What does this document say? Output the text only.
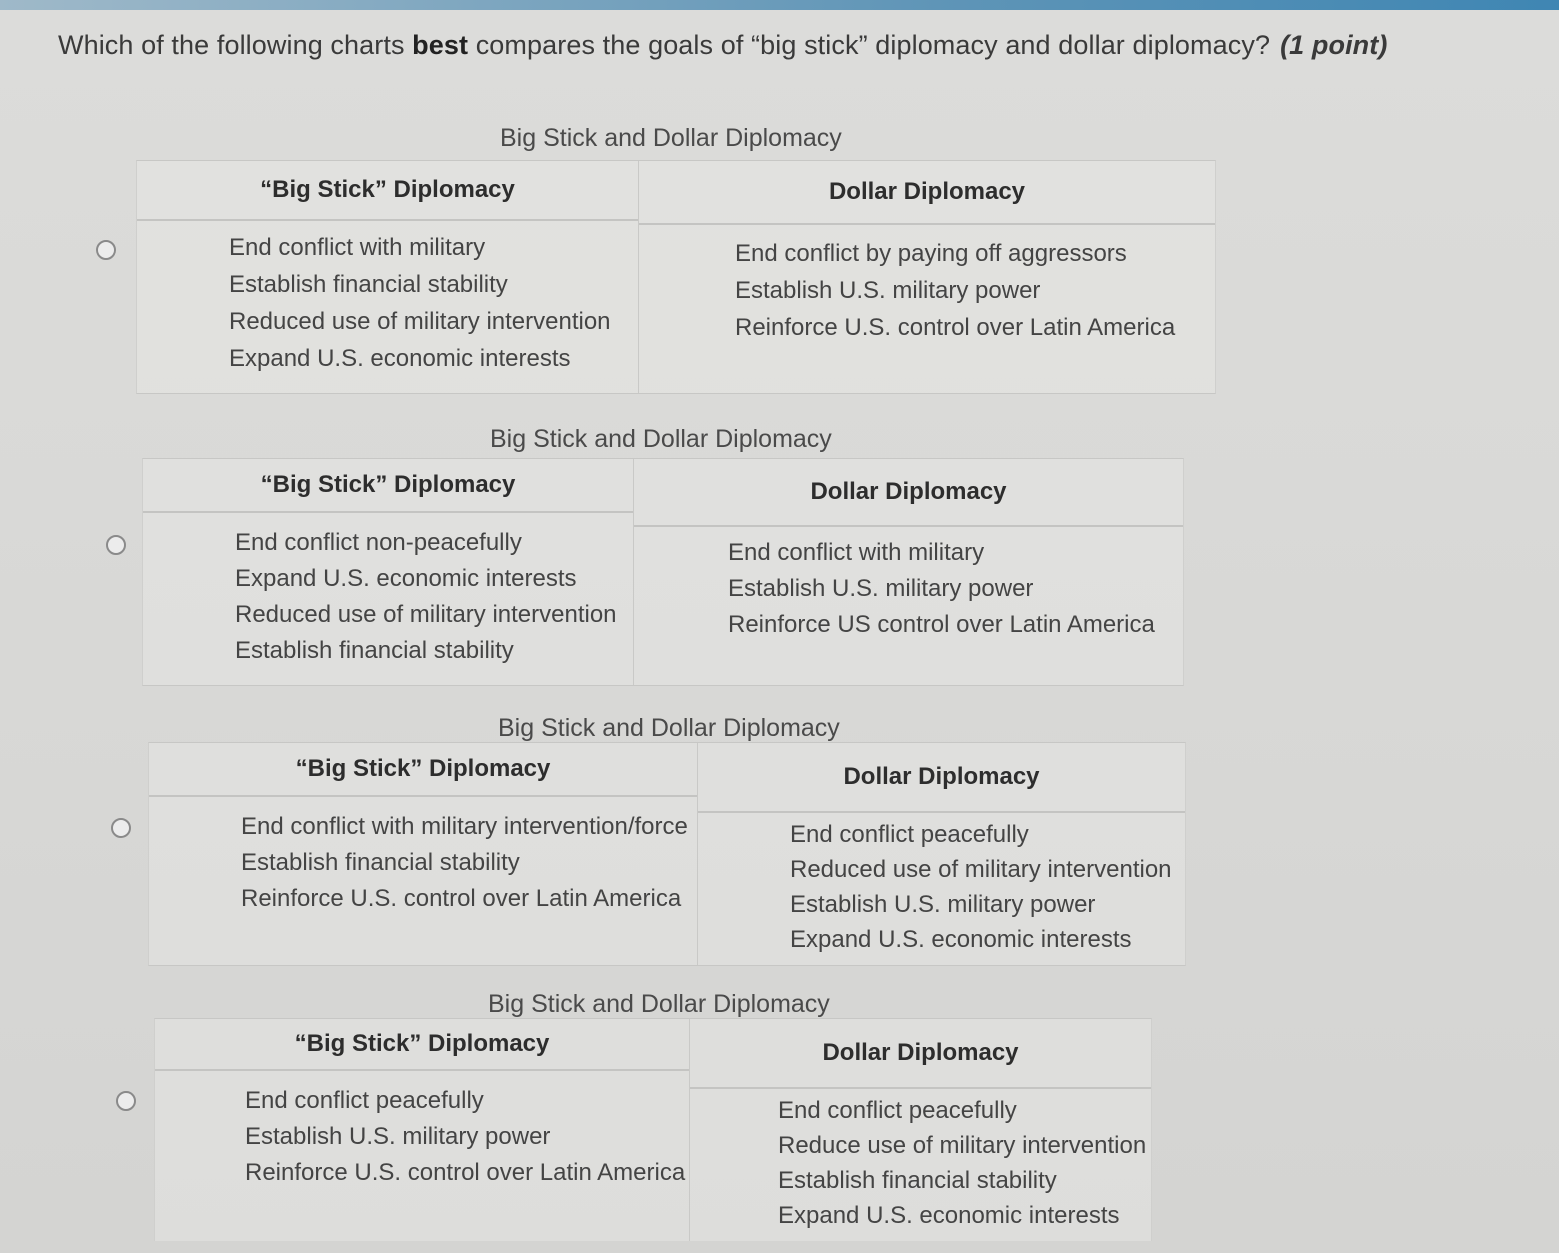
Which of the following charts best compares the goals of “big stick” diplomacy and dollar diplomacy? (1 point)
Big Stick and Dollar Diplomacy
“Big Stick” Diplomacy
End conflict with military
Establish financial stability
Reduced use of military intervention
Expand U.S. economic interests
Dollar Diplomacy
End conflict by paying off aggressors
Establish U.S. military power
Reinforce U.S. control over Latin America
Big Stick and Dollar Diplomacy
“Big Stick” Diplomacy
End conflict non-peacefully
Expand U.S. economic interests
Reduced use of military intervention
Establish financial stability
Dollar Diplomacy
End conflict with military
Establish U.S. military power
Reinforce US control over Latin America
Big Stick and Dollar Diplomacy
“Big Stick” Diplomacy
End conflict with military intervention/force
Establish financial stability
Reinforce U.S. control over Latin America
Dollar Diplomacy
End conflict peacefully
Reduced use of military intervention
Establish U.S. military power
Expand U.S. economic interests
Big Stick and Dollar Diplomacy
“Big Stick” Diplomacy
End conflict peacefully
Establish U.S. military power
Reinforce U.S. control over Latin America
Dollar Diplomacy
End conflict peacefully
Reduce use of military intervention
Establish financial stability
Expand U.S. economic interests
